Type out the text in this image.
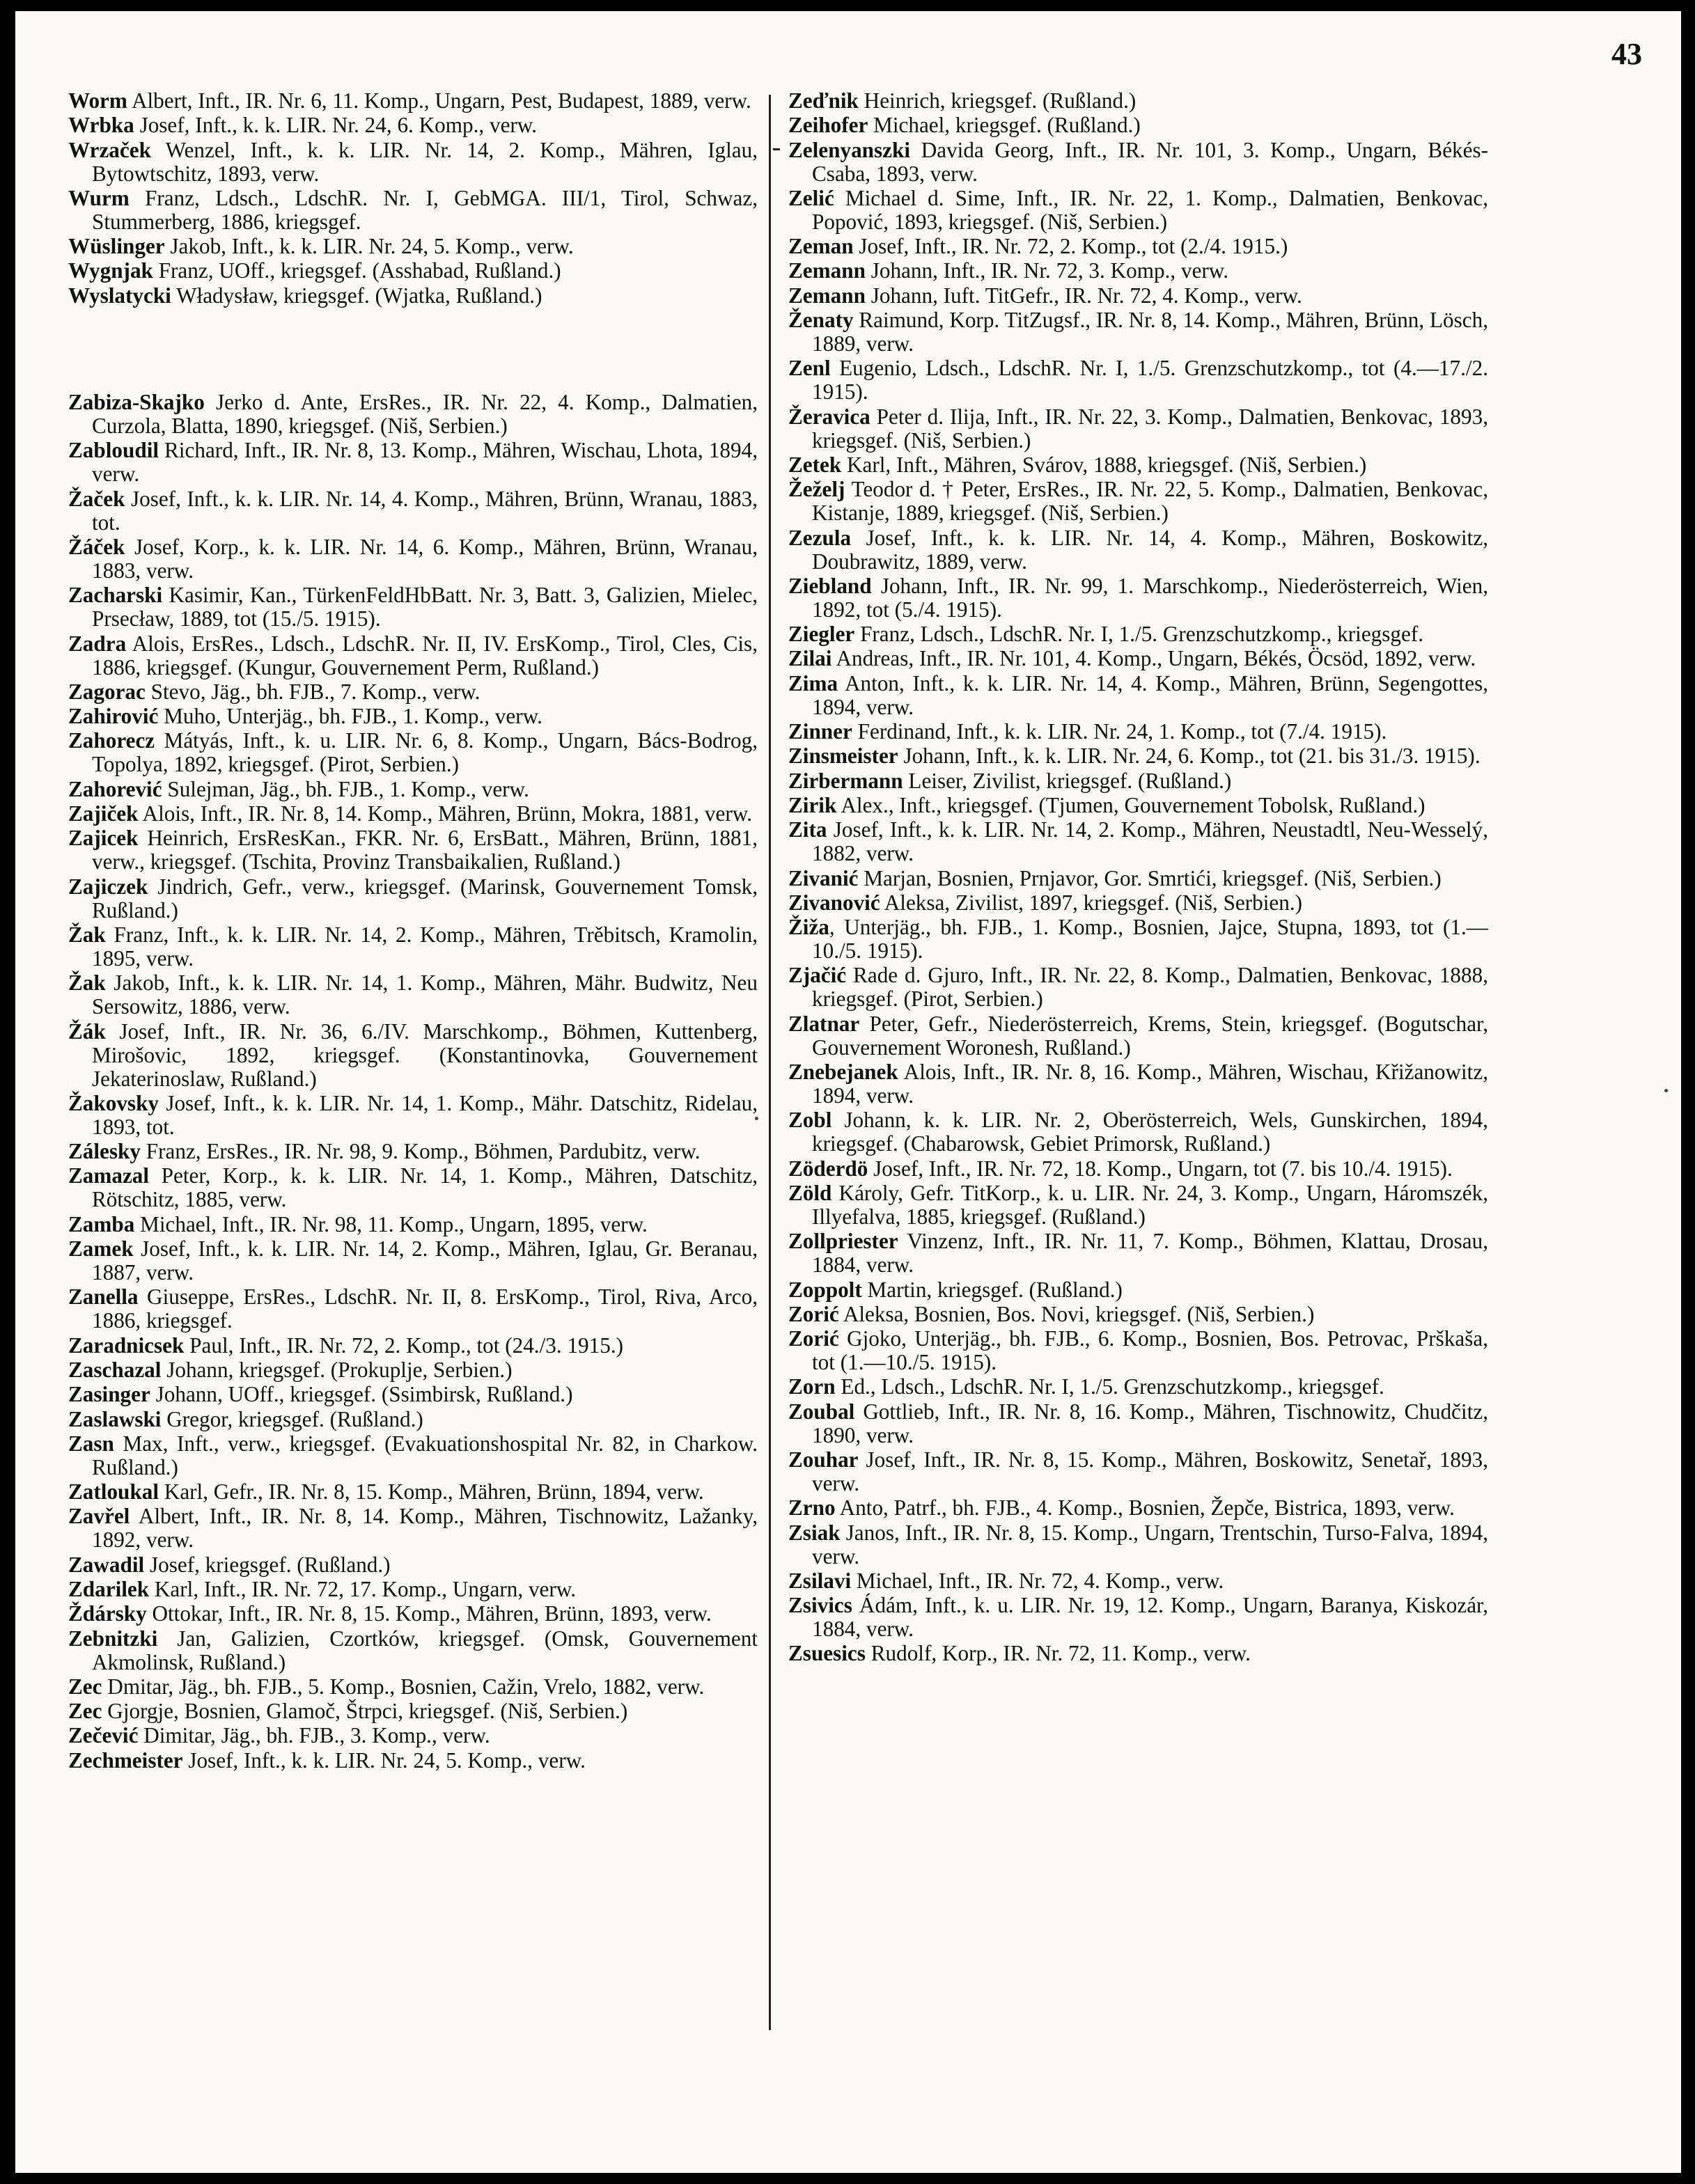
43

Worm Albert, Inft., IR. Nr. 6, 11. Komp., Ungarn, Pest, Budapest, 1889, verw.

Wrbka Josef, Inft., k. k. LIR. Nr. 24, 6. Komp., verw.

Wrzaček Wenzel, Inft., k. k. LIR. Nr. 14, 2. Komp., Mähren, Iglau, Bytowtschitz, 1893, verw.

Wurm Franz, Ldsch., LdschR. Nr. I, GebMGA. III/1, Tirol, Schwaz, Stummerberg, 1886, kriegsgef.

Wüslinger Jakob, Inft., k. k. LIR. Nr. 24, 5. Komp., verw.

Wygnjak Franz, UOff., kriegsgef. (Asshabad, Rußland.)

Wyslatycki Władysław, kriegsgef. (Wjatka, Rußland.)

Zabiza-Skajko Jerko d. Ante, ErsRes., IR. Nr. 22, 4. Komp., Dalmatien, Curzola, Blatta, 1890, kriegsgef. (Niš, Serbien.)

Zabloudil Richard, Inft., IR. Nr. 8, 13. Komp., Mähren, Wischau, Lhota, 1894, verw.

Žaček Josef, Inft., k. k. LIR. Nr. 14, 4. Komp., Mähren, Brünn, Wranau, 1883, tot.

Žáček Josef, Korp., k. k. LIR. Nr. 14, 6. Komp., Mähren, Brünn, Wranau, 1883, verw.

Zacharski Kasimir, Kan., TürkenFeldHbBatt. Nr. 3, Batt. 3, Galizien, Mielec, Prsecław, 1889, tot (15./5. 1915).

Zadra Alois, ErsRes., Ldsch., LdschR. Nr. II, IV. ErsKomp., Tirol, Cles, Cis, 1886, kriegsgef. (Kungur, Gouvernement Perm, Rußland.)

Zagorac Stevo, Jäg., bh. FJB., 7. Komp., verw.

Zahirović Muho, Unterjäg., bh. FJB., 1. Komp., verw.

Zahorecz Mátyás, Inft., k. u. LIR. Nr. 6, 8. Komp., Ungarn, Bács-Bodrog, Topolya, 1892, kriegsgef. (Pirot, Serbien.)

Zahorević Sulejman, Jäg., bh. FJB., 1. Komp., verw.

Zajiček Alois, Inft., IR. Nr. 8, 14. Komp., Mähren, Brünn, Mokra, 1881, verw.

Zajicek Heinrich, ErsResKan., FKR. Nr. 6, ErsBatt., Mähren, Brünn, 1881, verw., kriegsgef. (Tschita, Provinz Transbaikalien, Rußland.)

Zajiczek Jindrich, Gefr., verw., kriegsgef. (Marinsk, Gouvernement Tomsk, Rußland.)

Žak Franz, Inft., k. k. LIR. Nr. 14, 2. Komp., Mähren, Trěbitsch, Kramolin, 1895, verw.

Žak Jakob, Inft., k. k. LIR. Nr. 14, 1. Komp., Mähren, Mähr. Budwitz, Neu Sersowitz, 1886, verw.

Žák Josef, Inft., IR. Nr. 36, 6./IV. Marschkomp., Böhmen, Kuttenberg, Mirošovic, 1892, kriegsgef. (Konstantinovka, Gouvernement Jekaterinoslaw, Rußland.)

Žakovsky Josef, Inft., k. k. LIR. Nr. 14, 1. Komp., Mähr. Datschitz, Ridelau, 1893, tot.

Zálesky Franz, ErsRes., IR. Nr. 98, 9. Komp., Böhmen, Pardubitz, verw.

Zamazal Peter, Korp., k. k. LIR. Nr. 14, 1. Komp., Mähren, Datschitz, Rötschitz, 1885, verw.

Zamba Michael, Inft., IR. Nr. 98, 11. Komp., Ungarn, 1895, verw.

Zamek Josef, Inft., k. k. LIR. Nr. 14, 2. Komp., Mähren, Iglau, Gr. Beranau, 1887, verw.

Zanella Giuseppe, ErsRes., LdschR. Nr. II, 8. ErsKomp., Tirol, Riva, Arco, 1886, kriegsgef.

Zaradnicsek Paul, Inft., IR. Nr. 72, 2. Komp., tot (24./3. 1915.)

Zaschazal Johann, kriegsgef. (Prokuplje, Serbien.)

Zasinger Johann, UOff., kriegsgef. (Ssimbirsk, Rußland.)

Zaslawski Gregor, kriegsgef. (Rußland.)

Zasn Max, Inft., verw., kriegsgef. (Evakuationshospital Nr. 82, in Charkow. Rußland.)

Zatloukal Karl, Gefr., IR. Nr. 8, 15. Komp., Mähren, Brünn, 1894, verw.

Zavřel Albert, Inft., IR. Nr. 8, 14. Komp., Mähren, Tischnowitz, Lažanky, 1892, verw.

Zawadil Josef, kriegsgef. (Rußland.)

Zdarilek Karl, Inft., IR. Nr. 72, 17. Komp., Ungarn, verw.

Ždársky Ottokar, Inft., IR. Nr. 8, 15. Komp., Mähren, Brünn, 1893, verw.

Zebnitzki Jan, Galizien, Czortków, kriegsgef. (Omsk, Gouvernement Akmolinsk, Rußland.)

Zec Dmitar, Jäg., bh. FJB., 5. Komp., Bosnien, Cažin, Vrelo, 1882, verw.

Zec Gjorgje, Bosnien, Glamoč, Štrpci, kriegsgef. (Niš, Serbien.)

Zečević Dimitar, Jäg., bh. FJB., 3. Komp., verw.

Zechmeister Josef, Inft., k. k. LIR. Nr. 24, 5. Komp., verw.

Zeďnik Heinrich, kriegsgef. (Rußland.)

Zeihofer Michael, kriegsgef. (Rußland.)

Zelenyanszki Davida Georg, Inft., IR. Nr. 101, 3. Komp., Ungarn, Békés-Csaba, 1893, verw.

Zelić Michael d. Sime, Inft., IR. Nr. 22, 1. Komp., Dalmatien, Benkovac, Popović, 1893, kriegsgef. (Niš, Serbien.)

Zeman Josef, Inft., IR. Nr. 72, 2. Komp., tot (2./4. 1915.)

Zemann Johann, Inft., IR. Nr. 72, 3. Komp., verw.

Zemann Johann, Iuft. TitGefr., IR. Nr. 72, 4. Komp., verw.

Ženaty Raimund, Korp. TitZugsf., IR. Nr. 8, 14. Komp., Mähren, Brünn, Lösch, 1889, verw.

Zenl Eugenio, Ldsch., LdschR. Nr. I, 1./5. Grenzschutzkomp., tot (4.—17./2. 1915).

Žeravica Peter d. Ilija, Inft., IR. Nr. 22, 3. Komp., Dalmatien, Benkovac, 1893, kriegsgef. (Niš, Serbien.)

Zetek Karl, Inft., Mähren, Svárov, 1888, kriegsgef. (Niš, Serbien.)

Žeželj Teodor d. † Peter, ErsRes., IR. Nr. 22, 5. Komp., Dalmatien, Benkovac, Kistanje, 1889, kriegsgef. (Niš, Serbien.)

Zezula Josef, Inft., k. k. LIR. Nr. 14, 4. Komp., Mähren, Boskowitz, Doubrawitz, 1889, verw.

Ziebland Johann, Inft., IR. Nr. 99, 1. Marschkomp., Niederösterreich, Wien, 1892, tot (5./4. 1915).

Ziegler Franz, Ldsch., LdschR. Nr. I, 1./5. Grenzschutzkomp., kriegsgef.

Zilai Andreas, Inft., IR. Nr. 101, 4. Komp., Ungarn, Békés, Öcsöd, 1892, verw.

Zima Anton, Inft., k. k. LIR. Nr. 14, 4. Komp., Mähren, Brünn, Segengottes, 1894, verw.

Zinner Ferdinand, Inft., k. k. LIR. Nr. 24, 1. Komp., tot (7./4. 1915).

Zinsmeister Johann, Inft., k. k. LIR. Nr. 24, 6. Komp., tot (21. bis 31./3. 1915).

Zirbermann Leiser, Zivilist, kriegsgef. (Rußland.)

Zirik Alex., Inft., kriegsgef. (Tjumen, Gouvernement Tobolsk, Rußland.)

Zita Josef, Inft., k. k. LIR. Nr. 14, 2. Komp., Mähren, Neustadtl, Neu-Wesselý, 1882, verw.

Zivanić Marjan, Bosnien, Prnjavor, Gor. Smrtići, kriegsgef. (Niš, Serbien.)

Zivanović Aleksa, Zivilist, 1897, kriegsgef. (Niš, Serbien.)

Žiža, Unterjäg., bh. FJB., 1. Komp., Bosnien, Jajce, Stupna, 1893, tot (1.—10./5. 1915).

Zjačić Rade d. Gjuro, Inft., IR. Nr. 22, 8. Komp., Dalmatien, Benkovac, 1888, kriegsgef. (Pirot, Serbien.)

Zlatnar Peter, Gefr., Niederösterreich, Krems, Stein, kriegsgef. (Bogutschar, Gouvernement Woronesh, Rußland.)

Znebejanek Alois, Inft., IR. Nr. 8, 16. Komp., Mähren, Wischau, Křižanowitz, 1894, verw.

Zobl Johann, k. k. LIR. Nr. 2, Oberösterreich, Wels, Gunskirchen, 1894, kriegsgef. (Chabarowsk, Gebiet Primorsk, Rußland.)

Zöderdö Josef, Inft., IR. Nr. 72, 18. Komp., Ungarn, tot (7. bis 10./4. 1915).

Zöld Károly, Gefr. TitKorp., k. u. LIR. Nr. 24, 3. Komp., Ungarn, Háromszék, Illyefalva, 1885, kriegsgef. (Rußland.)

Zollpriester Vinzenz, Inft., IR. Nr. 11, 7. Komp., Böhmen, Klattau, Drosau, 1884, verw.

Zoppolt Martin, kriegsgef. (Rußland.)

Zorić Aleksa, Bosnien, Bos. Novi, kriegsgef. (Niš, Serbien.)

Zorić Gjoko, Unterjäg., bh. FJB., 6. Komp., Bosnien, Bos. Petrovac, Prškaša, tot (1.—10./5. 1915).

Zorn Ed., Ldsch., LdschR. Nr. I, 1./5. Grenzschutzkomp., kriegsgef.

Zoubal Gottlieb, Inft., IR. Nr. 8, 16. Komp., Mähren, Tischnowitz, Chudčitz, 1890, verw.

Zouhar Josef, Inft., IR. Nr. 8, 15. Komp., Mähren, Boskowitz, Senetař, 1893, verw.

Zrno Anto, Patrf., bh. FJB., 4. Komp., Bosnien, Žepče, Bistrica, 1893, verw.

Zsiak Janos, Inft., IR. Nr. 8, 15. Komp., Ungarn, Trentschin, Turso-Falva, 1894, verw.

Zsilavi Michael, Inft., IR. Nr. 72, 4. Komp., verw.

Zsivics Ádám, Inft., k. u. LIR. Nr. 19, 12. Komp., Ungarn, Baranya, Kiskozár, 1884, verw.

Zsuesics Rudolf, Korp., IR. Nr. 72, 11. Komp., verw.
